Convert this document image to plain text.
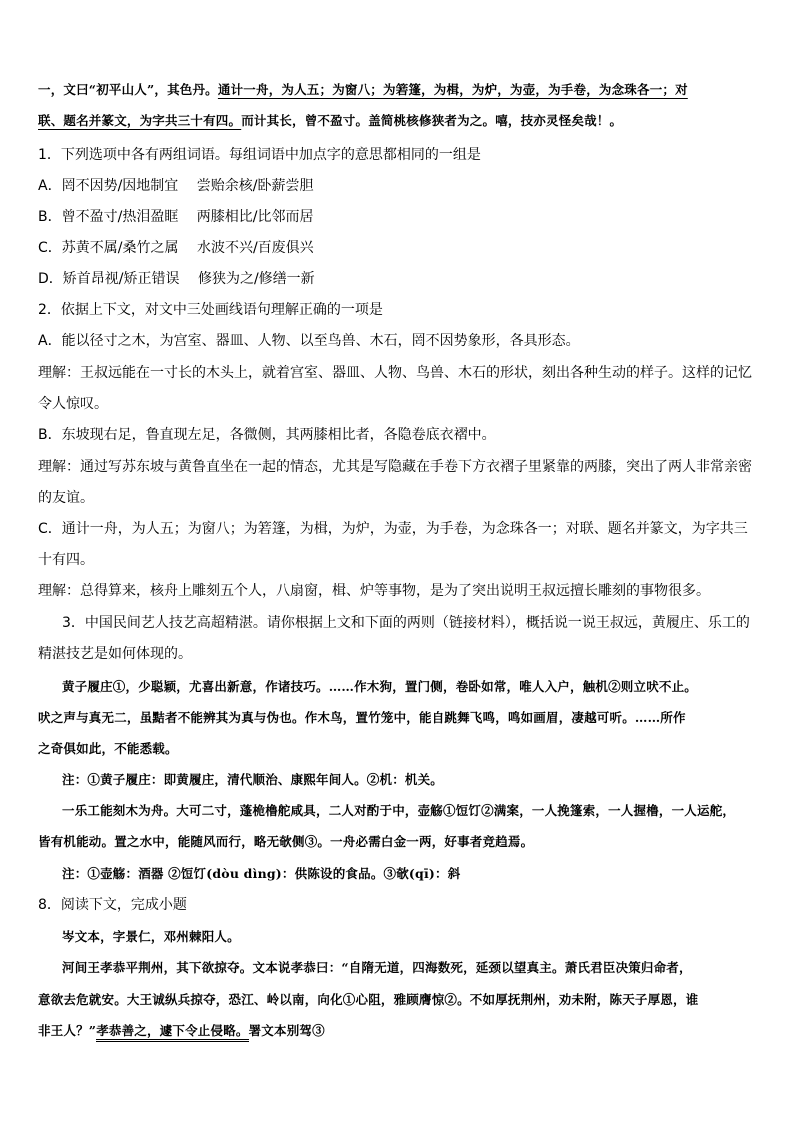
一，文曰“初平山人”，其色丹。通计一舟，为人五；为窗八；为箬篷，为楫，为炉，为壶，为手卷，为念珠各一；对
联、题名并篆文，为字共三十有四。而计其长，曾不盈寸。盖简桃核修狭者为之。嘻，技亦灵怪矣哉！。
1．下列选项中各有两组词语。每组词语中加点字的意思都相同的一组是
A．罔不因势/因地制宜　 尝贻余核/卧薪尝胆
B．曾不盈寸/热泪盈眶　 两膝相比/比邻而居
C．苏黄不属/桑竹之属　 水波不兴/百废俱兴
D．矫首昂视/矫正错误　 修狭为之/修缮一新
2．依据上下文，对文中三处画线语句理解正确的一项是
A．能以径寸之木，为宫室、器皿、人物、以至鸟兽、木石，罔不因势象形，各具形态。
理解：王叔远能在一寸长的木头上，就着宫室、器皿、人物、鸟兽、木石的形状，刻出各种生动的样子。这样的记忆
令人惊叹。
B．东坡现右足，鲁直现左足，各微侧，其两膝相比者，各隐卷底衣褶中。
理解：通过写苏东坡与黄鲁直坐在一起的情态，尤其是写隐藏在手卷下方衣褶子里紧靠的两膝，突出了两人非常亲密
的友谊。
C．通计一舟，为人五；为窗八；为箬篷，为楫，为炉，为壶，为手卷，为念珠各一；对联、题名并篆文，为字共三
十有四。
理解：总得算来，核舟上雕刻五个人，八扇窗，楫、炉等事物，是为了突出说明王叔远擅长雕刻的事物很多。
3．中国民间艺人技艺高超精湛。请你根据上文和下面的两则（链接材料），概括说一说王叔远，黄履庄、乐工的
精湛技艺是如何体现的。
黄子履庄①，少聪颖，尤喜出新意，作诸技巧。……作木狗，置门侧，卷卧如常，唯人入户，触机②则立吠不止。
吠之声与真无二，虽黠者不能辨其为真与伪也。作木鸟，置竹笼中，能自跳舞飞鸣，鸣如画眉，凄越可听。……所作
之奇俱如此，不能悉载。
注：①黄子履庄：即黄履庄，清代顺治、康熙年间人。②机：机关。
一乐工能刻木为舟。大可二寸，蓬桅橹舵咸具，二人对酌于中，壶觞①饾饤②满案，一人挽篷索，一人握橹，一人运舵，
皆有机能动。置之水中，能随风而行，略无欹侧③。一舟必需白金一两，好事者竞趋焉。
注：①壶觞：酒器 ②饾饤(dòu dìng)：供陈设的食品。③欹(qī)：斜
8．阅读下文，完成小题
岑文本，字景仁，邓州棘阳人。
河间王孝恭平荆州，其下欲掠夺。文本说孝恭曰：“自隋无道，四海数死，延颈以望真主。萧氏君臣决策归命者，
意欲去危就安。大王诚纵兵掠夺，恐江、岭以南，向化①心阻，雅顾膺惊②。不如厚抚荆州，劝未附，陈天子厚恩，谁
非王人？”孝恭善之，遽下令止侵略。署文本别驾③
